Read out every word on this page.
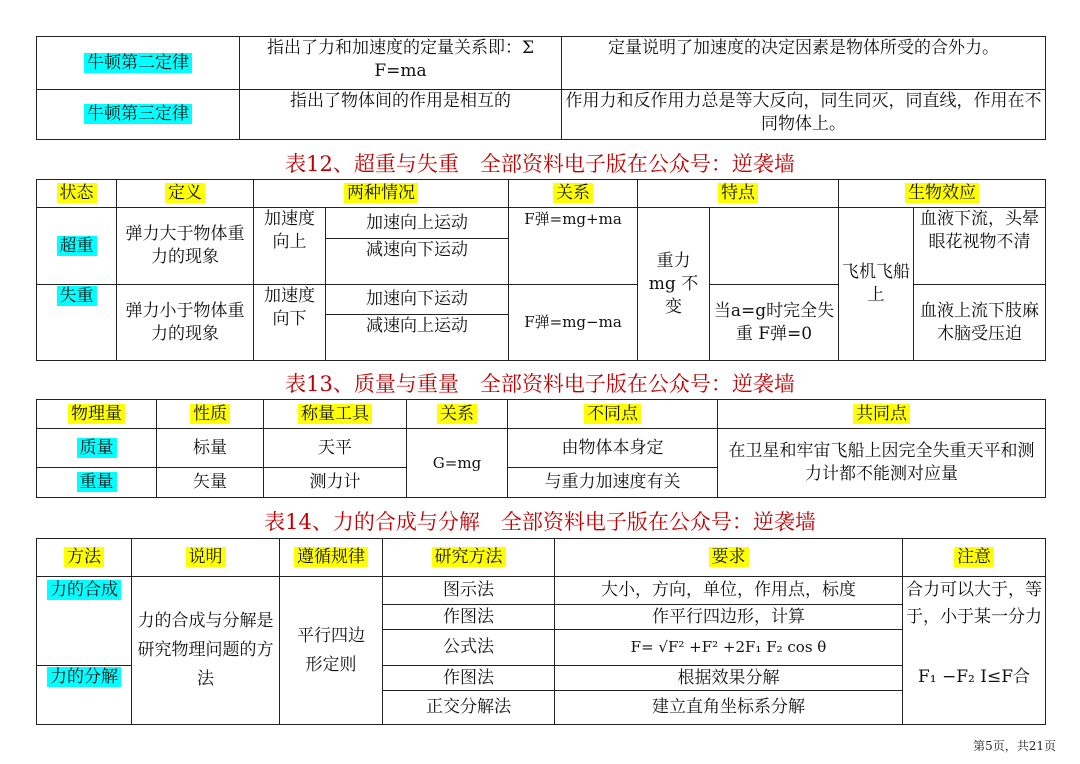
牛顿第二定律	指出了力和加速度的定量关系即：Σ F=ma	定量说明了加速度的决定因素是物体所受的合外力。
牛顿第三定律	指出了物体间的作用是相互的	作用力和反作用力总是等大反向，同生同灭，同直线，作用在不同物体上。
表12、超重与失重　全部资料电子版在公众号：逆袭墙
状态	定义	两种情况		关系	特点		生物效应	
超重	弹力大于物体重力的现象	加速度向上	加速向上运动	F弹=mg+ma	重力 mg 不变		飞机飞船上	血液下流，头晕眼花视物不清
			减速向下运动					
失重	弹力小于物体重力的现象	加速度向下	加速向下运动	F弹=mg−ma		当a=g时完全失重 F弹=0		血液上流下肢麻木脑受压迫
			减速向上运动					
表13、质量与重量　全部资料电子版在公众号：逆袭墙
物理量	性质	称量工具	关系	不同点	共同点
质量	标量	天平	G=mg	由物体本身定	在卫星和牢宙飞船上因完全失重天平和测力计都不能测对应量
重量	矢量	测力计		与重力加速度有关	
表14、力的合成与分解　全部资料电子版在公众号：逆袭墙
方法	说明	遵循规律	研究方法	要求	注意
力的合成	力的合成与分解是研究物理问题的方法	平行四边形定则	图示法	大小，方向，单位，作用点，标度	合力可以大于，等于，小于某一分力
			作图法	作平行四边形，计算	
			公式法	F= √F² +F² +2F₁ F₂ cos θ	
力的分解			作图法	根据效果分解	F₁ −F₂ I≤F合
			正交分解法	建立直角坐标系分解	
第5页，共21页
